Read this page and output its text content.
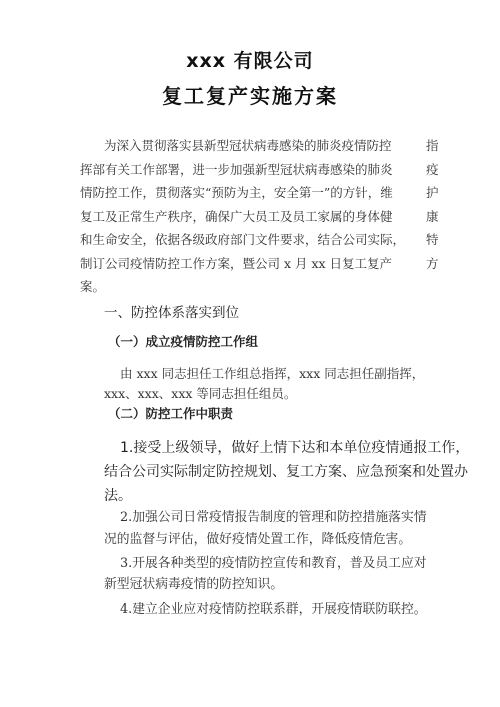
xxx 有限公司
复工复产实施方案
为深入贯彻落实县新型冠状病毒感染的肺炎疫情防控
挥部有关工作部署，进一步加强新型冠状病毒感染的肺炎
情防控工作，贯彻落实“预防为主，安全第一”的方针，维
复工及正常生产秩序，确保广大员工及员工家属的身体健
和生命安全，依据各级政府部门文件要求，结合公司实际，
制订公司疫情防控工作方案，暨公司 x 月 xx 日复工复产
案。
指
疫
护
康
特
方
一、防控体系落实到位
（一）成立疫情防控工作组
由 xxx 同志担任工作组总指挥，xxx 同志担任副指挥，
xxx、xxx、xxx 等同志担任组员。
（二）防控工作中职责
1.接受上级领导，做好上情下达和本单位疫情通报工作，
结合公司实际制定防控规划、复工方案、应急预案和处置办
法。
2.加强公司日常疫情报告制度的管理和防控措施落实情
况的监督与评估，做好疫情处置工作，降低疫情危害。
3.开展各种类型的疫情防控宣传和教育，普及员工应对
新型冠状病毒疫情的防控知识。
4.建立企业应对疫情防控联系群，开展疫情联防联控。
